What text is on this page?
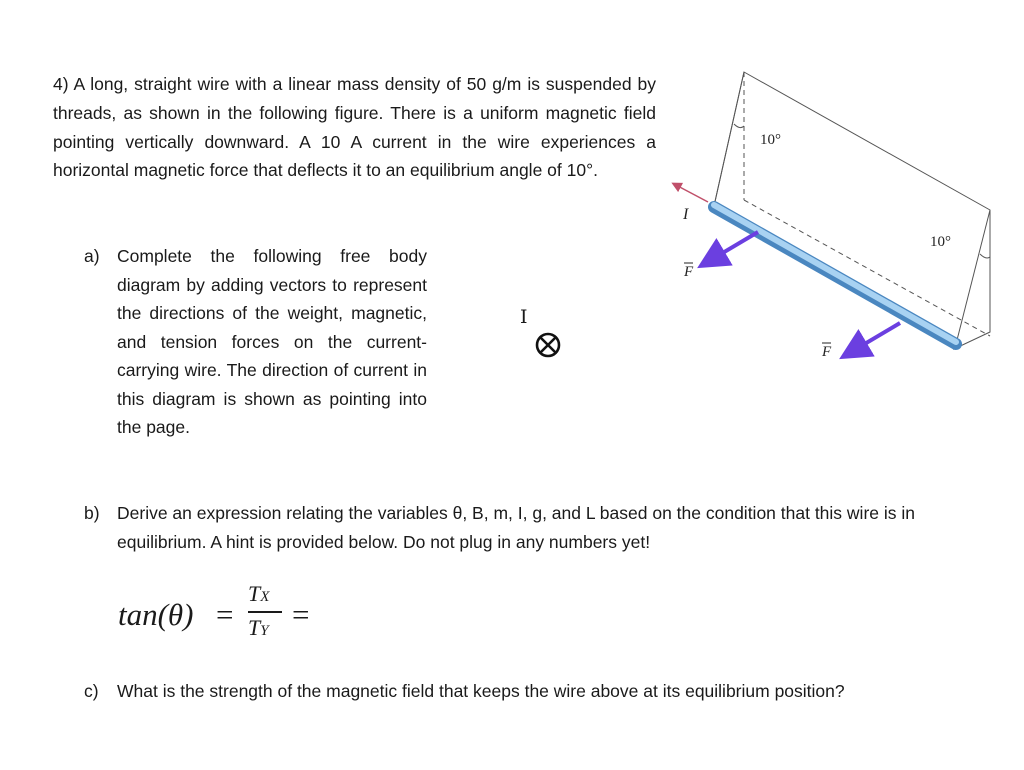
4) A long, straight wire with a linear mass density of 50 g/m is suspended by threads, as shown in the following figure. There is a uniform magnetic field pointing vertically downward. A 10 A current in the wire experiences a horizontal magnetic force that deflects it to an equilibrium angle of 10°.
a) Complete the following free body diagram by adding vectors to represent the directions of the weight, magnetic, and tension forces on the current-carrying wire. The direction of current in this diagram is shown as pointing into the page.
I
b) Derive an expression relating the variables θ, B, m, I, g, and L based on the condition that this wire is in equilibrium. A hint is provided below. Do not plug in any numbers yet!
tan(θ) =
TX
TY =
c) What is the strength of the magnetic field that keeps the wire above at its equilibrium position?
10°
10°
I
F
F
